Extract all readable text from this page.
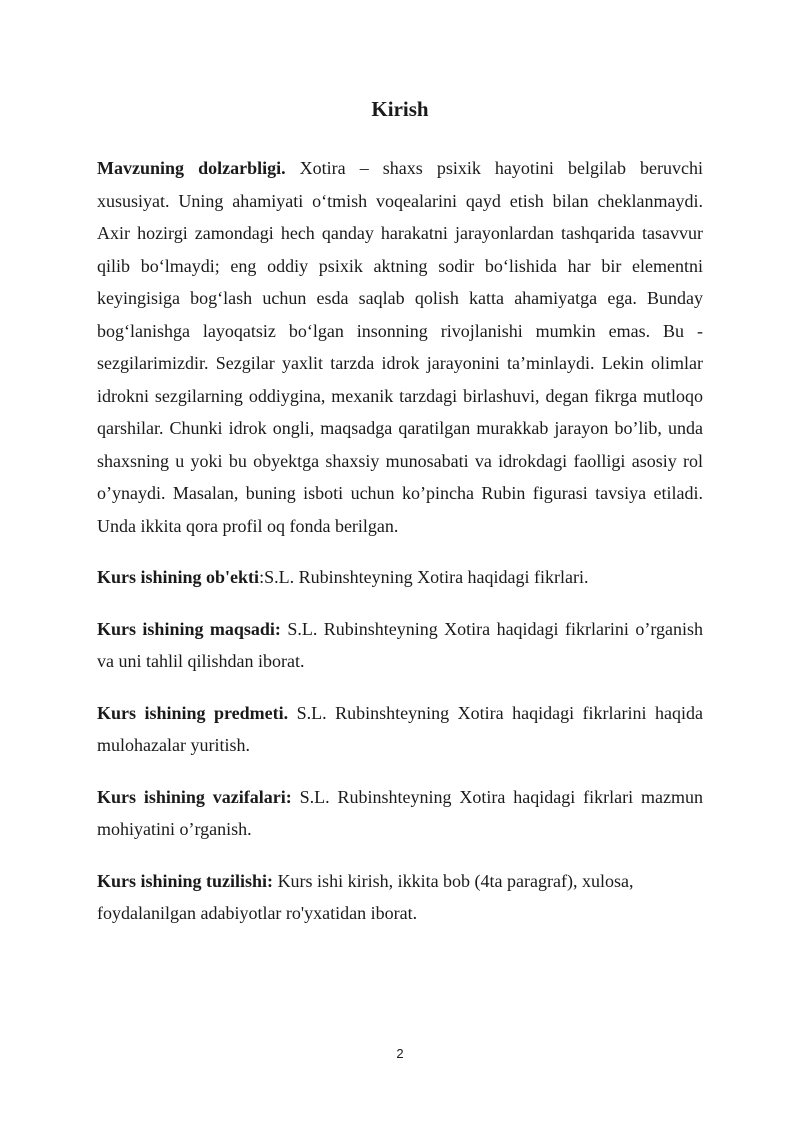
Kirish

Mavzuning dolzarbligi. Xotira – shaxs psixik hayotini belgilab beruvchi xususiyat. Uning ahamiyati o‘tmish voqealarini qayd etish bilan cheklanmaydi. Axir hozirgi zamondagi hech qanday harakatni jarayonlardan tashqarida tasavvur qilib bo‘lmaydi; eng oddiy psixik aktning sodir bo‘lishida har bir elementni keyingisiga bog‘lash uchun esda saqlab qolish katta ahamiyatga ega. Bunday bog‘lanishga layoqatsiz bo‘lgan insonning rivojlanishi mumkin emas. Bu - sezgilarimizdir. Sezgilar yaxlit tarzda idrok jarayonini ta’minlaydi. Lekin olimlar idrokni sezgilarning oddiygina, mexanik tarzdagi birlashuvi, degan fikrga mutloqo qarshilar. Chunki idrok ongli, maqsadga qaratilgan murakkab jarayon bo’lib, unda shaxsning u yoki bu obyektga shaxsiy munosabati va idrokdagi faolligi asosiy rol o’ynaydi. Masalan, buning isboti uchun ko’pincha Rubin figurasi tavsiya etiladi. Unda ikkita qora profil oq fonda berilgan.

Kurs ishining ob'ekti:S.L. Rubinshteyning Xotira haqidagi fikrlari.

Kurs ishining maqsadi: S.L. Rubinshteyning Xotira haqidagi fikrlarini o’rganish va uni tahlil qilishdan iborat.

Kurs ishining predmeti. S.L. Rubinshteyning Xotira haqidagi fikrlarini haqida mulohazalar yuritish.

Kurs ishining vazifalari: S.L. Rubinshteyning Xotira haqidagi fikrlari mazmun mohiyatini o’rganish.

Kurs ishining tuzilishi: Kurs ishi kirish, ikkita bob (4ta paragraf), xulosa, foydalanilgan adabiyotlar ro'yxatidan iborat.

2
